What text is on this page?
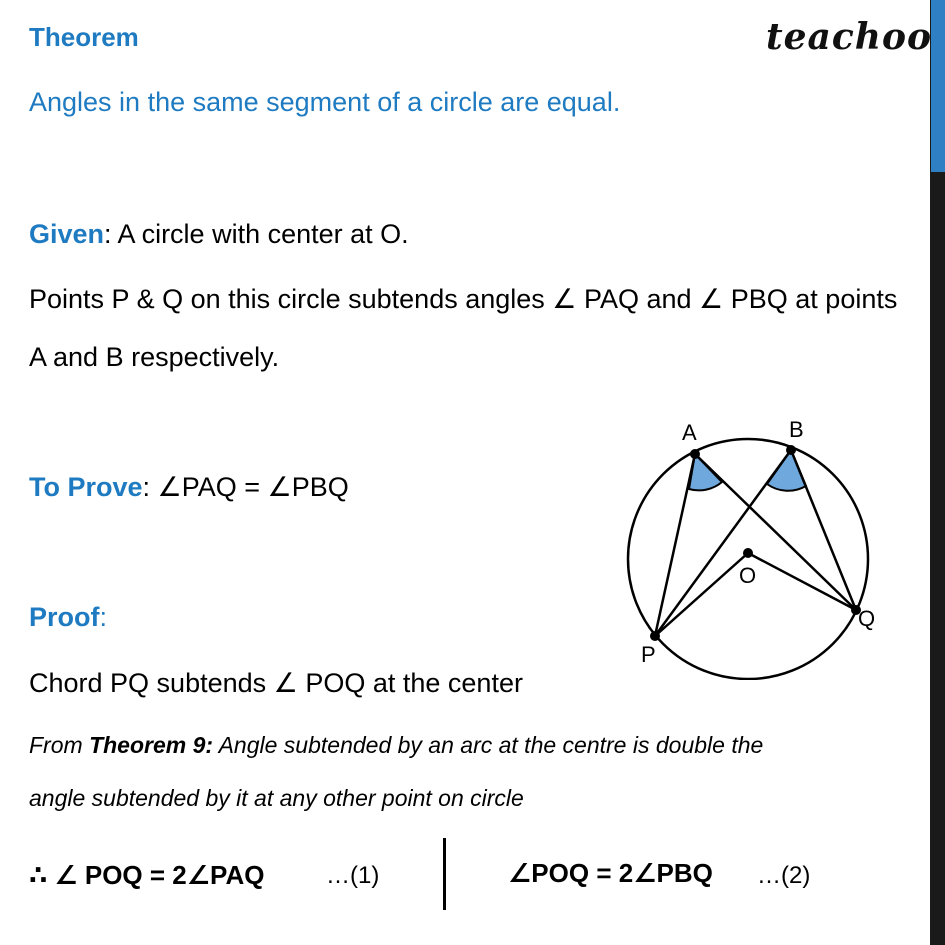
Theorem	teachoo
Angles in the same segment of a circle are equal.
Given: A circle with center at O.
Points P & Q on this circle subtends angles ∠ PAQ and ∠ PBQ at points
A and B respectively.
To Prove: ∠PAQ = ∠PBQ
Proof:
Chord PQ subtends ∠ POQ at the center
From Theorem 9: Angle subtended by an arc at the centre is double the
angle subtended by it at any other point on circle
∴ ∠ POQ = 2∠PAQ	…(1)	∠POQ = 2∠PBQ …(2)
A	B
O
P
Q
